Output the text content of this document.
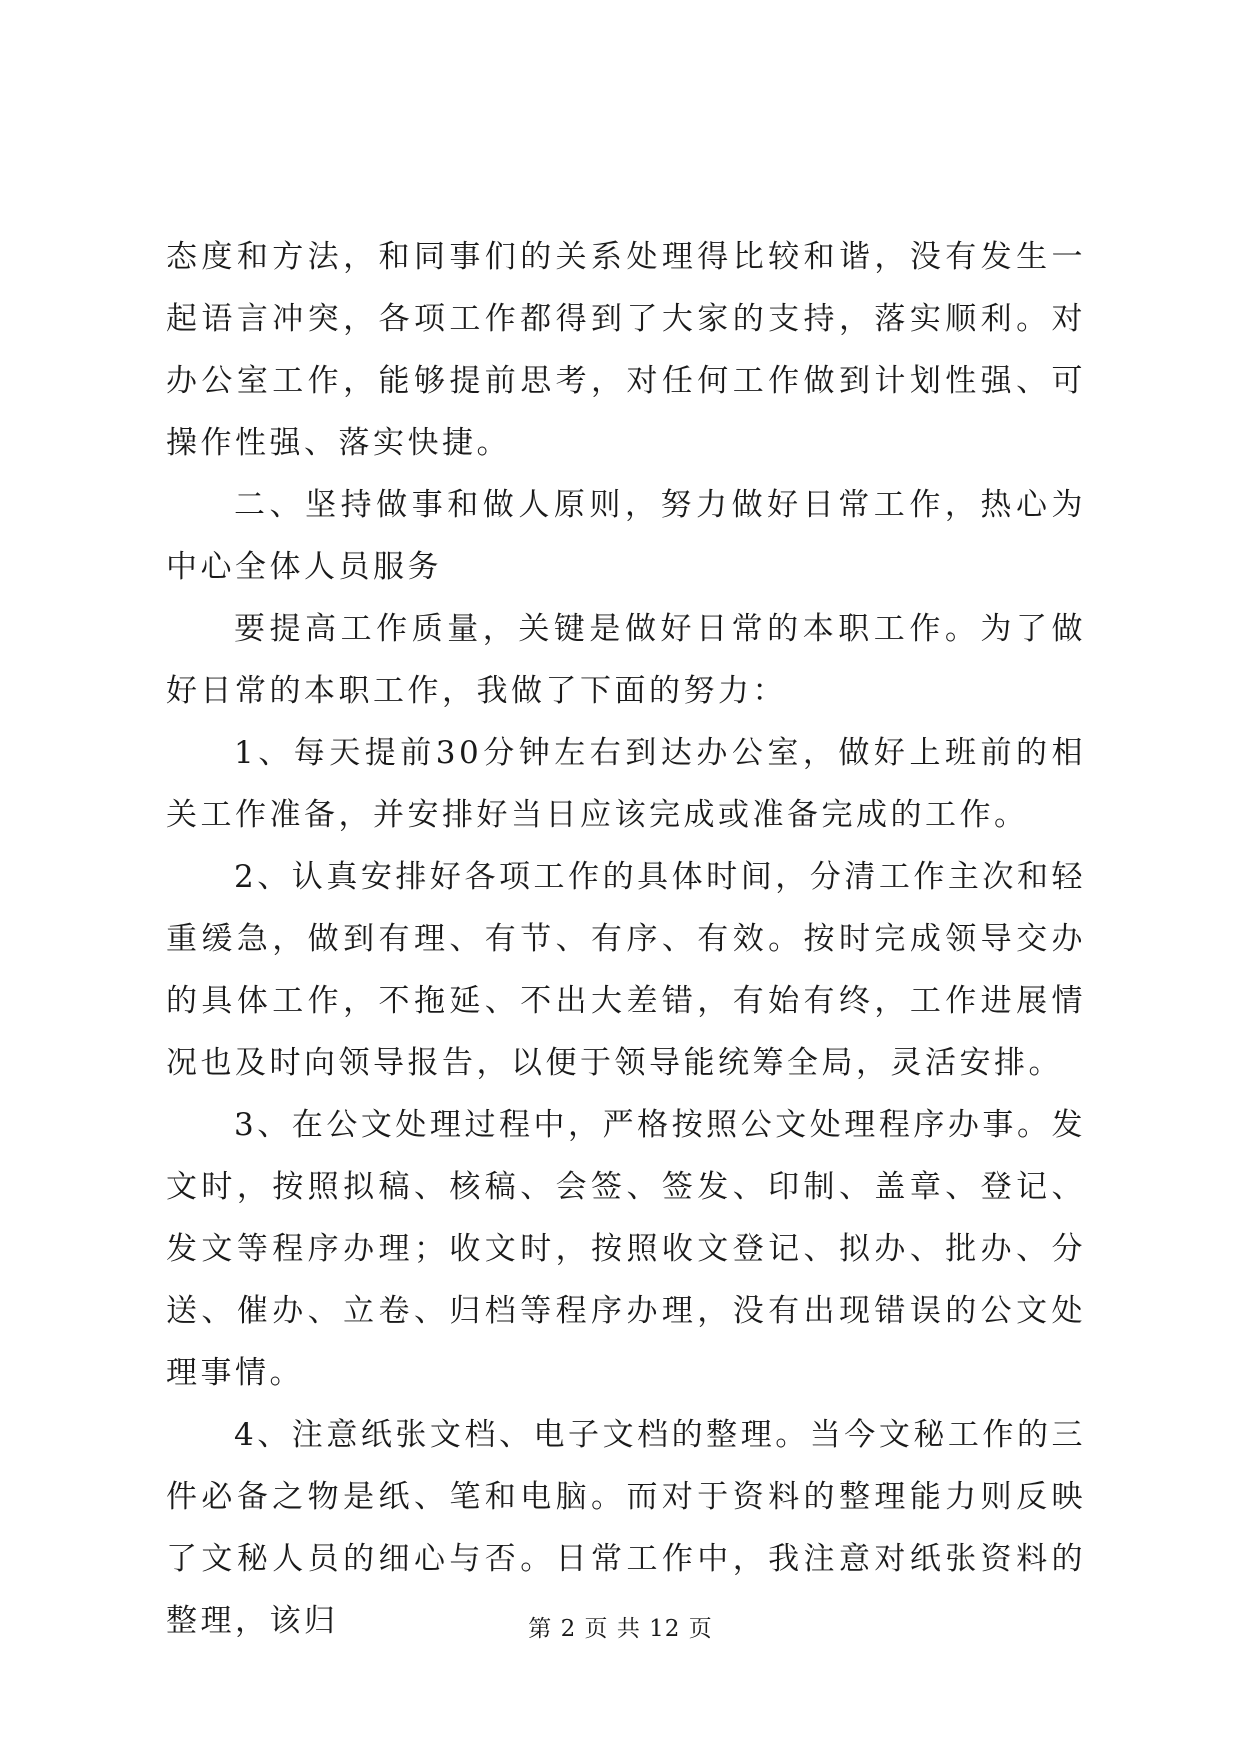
态度和方法，和同事们的关系处理得比较和谐，没有发生一起语言冲突，各项工作都得到了大家的支持，落实顺利。对办公室工作，能够提前思考，对任何工作做到计划性强、可操作性强、落实快捷。

二、坚持做事和做人原则，努力做好日常工作，热心为中心全体人员服务

要提高工作质量，关键是做好日常的本职工作。为了做好日常的本职工作，我做了下面的努力：

1、每天提前30分钟左右到达办公室，做好上班前的相关工作准备，并安排好当日应该完成或准备完成的工作。

2、认真安排好各项工作的具体时间，分清工作主次和轻重缓急，做到有理、有节、有序、有效。按时完成领导交办的具体工作，不拖延、不出大差错，有始有终，工作进展情况也及时向领导报告，以便于领导能统筹全局，灵活安排。

3、在公文处理过程中，严格按照公文处理程序办事。发文时，按照拟稿、核稿、会签、签发、印制、盖章、登记、发文等程序办理；收文时，按照收文登记、拟办、批办、分送、催办、立卷、归档等程序办理，没有出现错误的公文处理事情。

4、注意纸张文档、电子文档的整理。当今文秘工作的三件必备之物是纸、笔和电脑。而对于资料的整理能力则反映了文秘人员的细心与否。日常工作中，我注意对纸张资料的整理，该归	第 2 页 共 12 页
